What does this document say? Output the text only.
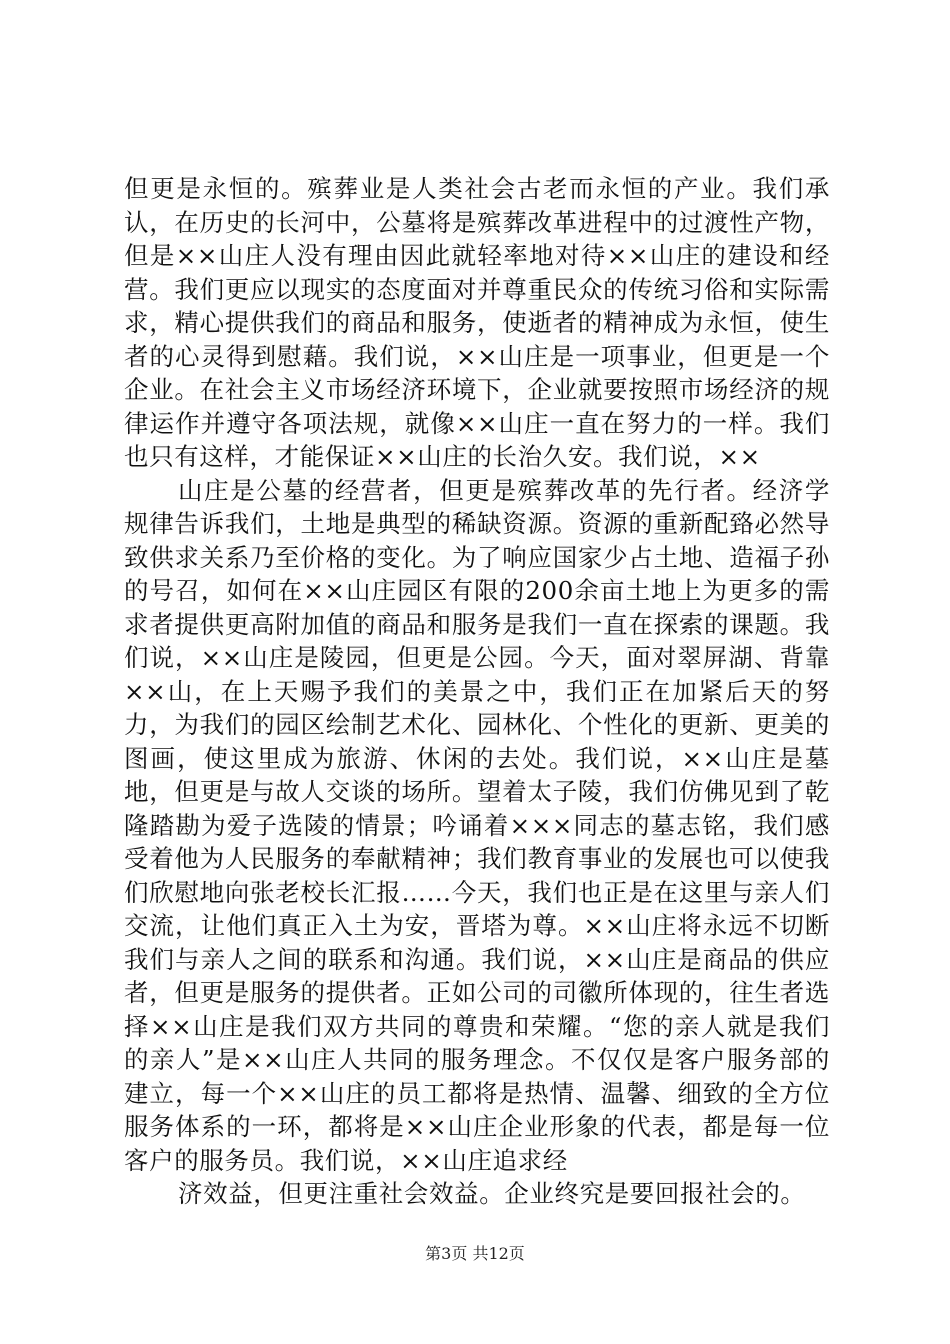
但更是永恒的。殡葬业是人类社会古老而永恒的产业。我们承认，在历史的长河中，公墓将是殡葬改革进程中的过渡性产物，但是××山庄人没有理由因此就轻率地对待××山庄的建设和经营。我们更应以现实的态度面对并尊重民众的传统习俗和实际需求，精心提供我们的商品和服务，使逝者的精神成为永恒，使生者的心灵得到慰藉。我们说，××山庄是一项事业，但更是一个企业。在社会主义市场经济环境下，企业就要按照市场经济的规律运作并遵守各项法规，就像××山庄一直在努力的一样。我们也只有这样，才能保证××山庄的长治久安。我们说，××

山庄是公墓的经营者，但更是殡葬改革的先行者。经济学规律告诉我们，土地是典型的稀缺资源。资源的重新配臵必然导致供求关系乃至价格的变化。为了响应国家少占土地、造福子孙的号召，如何在××山庄园区有限的200余亩土地上为更多的需求者提供更高附加值的商品和服务是我们一直在探索的课题。我们说，××山庄是陵园，但更是公园。今天，面对翠屏湖、背靠××山，在上天赐予我们的美景之中，我们正在加紧后天的努力，为我们的园区绘制艺术化、园林化、个性化的更新、更美的图画，使这里成为旅游、休闲的去处。我们说，××山庄是墓地，但更是与故人交谈的场所。望着太子陵，我们仿佛见到了乾隆踏勘为爱子选陵的情景；吟诵着×××同志的墓志铭，我们感受着他为人民服务的奉献精神；我们教育事业的发展也可以使我们欣慰地向张老校长汇报……今天，我们也正是在这里与亲人们交流，让他们真正入土为安，晋塔为尊。××山庄将永远不切断我们与亲人之间的联系和沟通。我们说，××山庄是商品的供应者，但更是服务的提供者。正如公司的司徽所体现的，往生者选择××山庄是我们双方共同的尊贵和荣耀。“您的亲人就是我们的亲人”是××山庄人共同的服务理念。不仅仅是客户服务部的建立，每一个××山庄的员工都将是热情、温馨、细致的全方位服务体系的一环，都将是××山庄企业形象的代表，都是每一位客户的服务员。我们说，××山庄追求经

济效益，但更注重社会效益。企业终究是要回报社会的。

第3页 共12页
